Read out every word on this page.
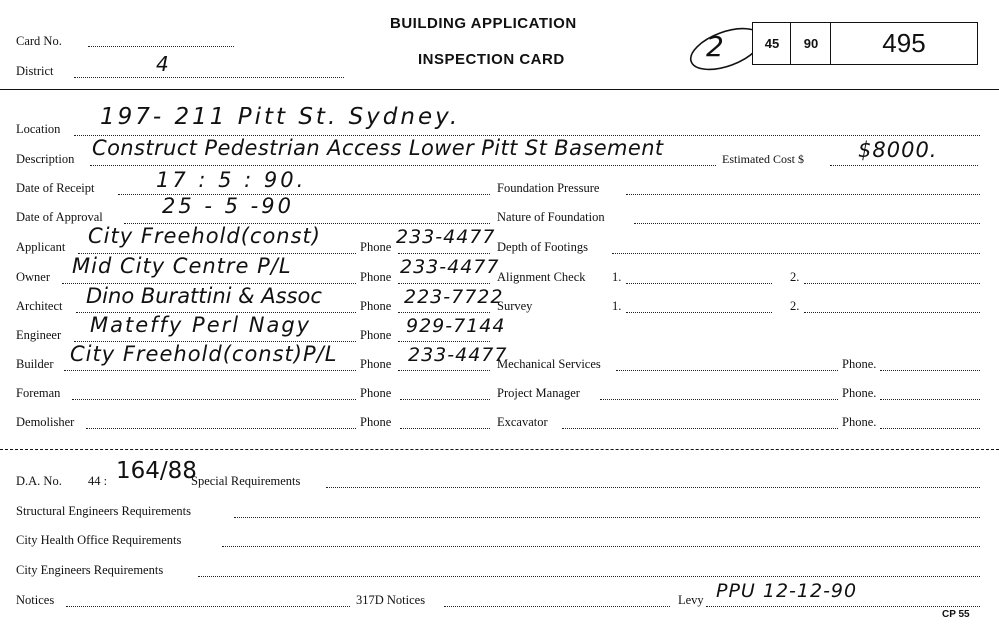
Card No.
District	4
BUILDING APPLICATION
INSPECTION CARD	2	45 90 495
Location 197- 211 Pitt St. Sydney.
Description Construct Pedestrian Access Lower Pitt St Basement	Estimated Cost $	$8000.
Date of Receipt	17 : 5 : 90.
Date of Approval	25 - 5 -90
Applicant City Freehold(const)	Phone 233-4477
Owner Mid City Centre P/L	Phone 233-4477
Architect Dino Burattini & Assoc	Phone 223-7722
Engineer Mateffy Perl Nagy	Phone 929-7144
Builder City Freehold(const)P/L Phone 233-4477
Foreman	Phone
Demolisher	Phone
Foundation Pressure
Nature of Foundation
Depth of Footings
Alignment Check 1.	2.
Survey	1.	2.
Mechanical Services	Phone.
Project Manager	Phone.
Excavator	Phone.
D.A. No. 44 : 164/88
Special Requirements
Structural Engineers Requirements
City Health Office Requirements
City Engineers Requirements
Notices	317D Notices	Levy PPU 12-12-90
CP 55
